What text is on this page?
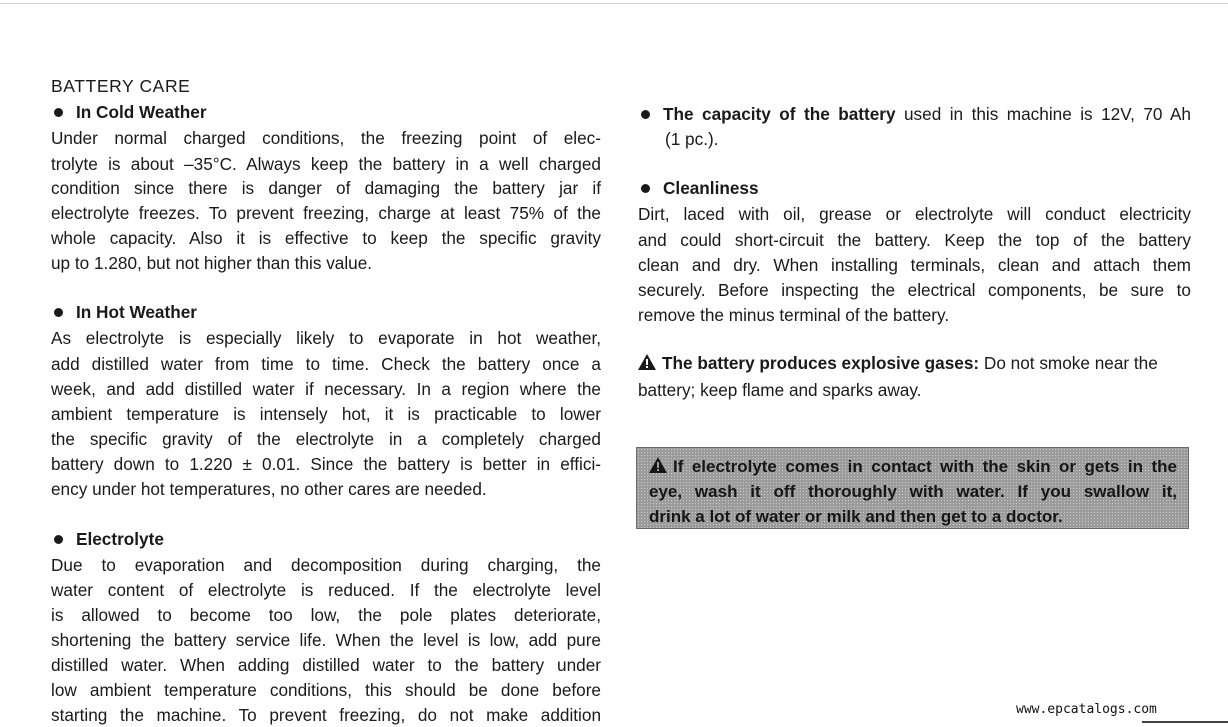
BATTERY CARE
In Cold Weather
Under normal charged conditions, the freezing point of elec-
trolyte is about –35°C. Always keep the battery in a well charged
condition since there is danger of damaging the battery jar if
electrolyte freezes. To prevent freezing, charge at least 75% of the
whole capacity. Also it is effective to keep the specific gravity
up to 1.280, but not higher than this value.
In Hot Weather
As electrolyte is especially likely to evaporate in hot weather,
add distilled water from time to time. Check the battery once a
week, and add distilled water if necessary. In a region where the
ambient temperature is intensely hot, it is practicable to lower
the specific gravity of the electrolyte in a completely charged
battery down to 1.220 ± 0.01. Since the battery is better in effici-
ency under hot temperatures, no other cares are needed.
Electrolyte
Due to evaporation and decomposition during charging, the
water content of electrolyte is reduced. If the electrolyte level
is allowed to become too low, the pole plates deteriorate,
shortening the battery service life. When the level is low, add pure
distilled water. When adding distilled water to the battery under
low ambient temperature conditions, this should be done before
starting the machine. To prevent freezing, do not make addition
The capacity of the battery used in this machine is 12V, 70 Ah
(1 pc.).
Cleanliness
Dirt, laced with oil, grease or electrolyte will conduct electricity
and could short-circuit the battery. Keep the top of the battery
clean and dry. When installing terminals, clean and attach them
securely. Before inspecting the electrical components, be sure to
remove the minus terminal of the battery.
The battery produces explosive gases: Do not smoke near the
battery; keep flame and sparks away.
If electrolyte comes in contact with the skin or gets in the
eye, wash it off thoroughly with water. If you swallow it,
drink a lot of water or milk and then get to a doctor.
www.epcatalogs.com
